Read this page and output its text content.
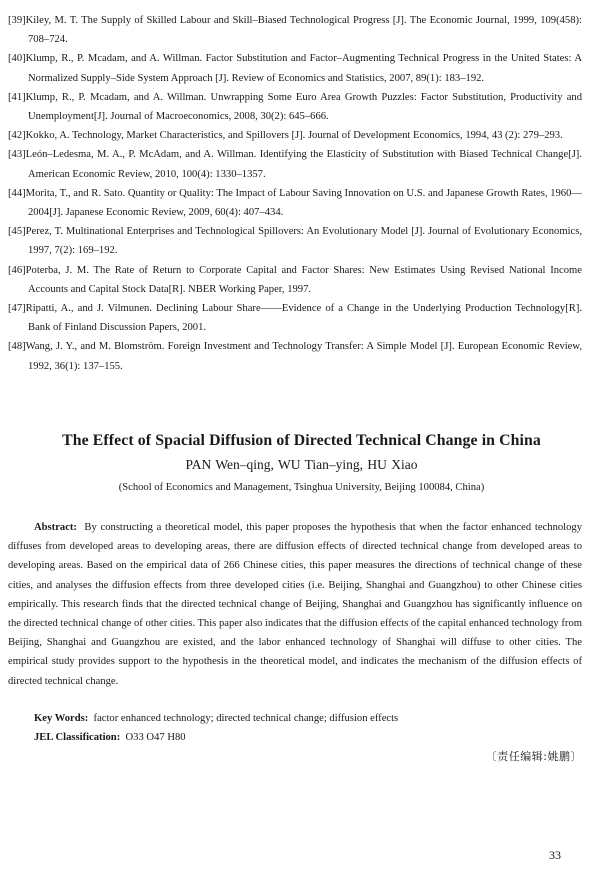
[39]Kiley, M. T. The Supply of Skilled Labour and Skill–Biased Technological Progress [J]. The Economic Journal, 1999, 109(458): 708–724.
[40]Klump, R., P. Mcadam, and A. Willman. Factor Substitution and Factor–Augmenting Technical Progress in the United States: A Normalized Supply–Side System Approach [J]. Review of Economics and Statistics, 2007, 89(1): 183–192.
[41]Klump, R., P. Mcadam, and A. Willman. Unwrapping Some Euro Area Growth Puzzles: Factor Substitution, Productivity and Unemployment[J]. Journal of Macroeconomics, 2008, 30(2): 645–666.
[42]Kokko, A. Technology, Market Characteristics, and Spillovers [J]. Journal of Development Economics, 1994, 43 (2): 279–293.
[43]León–Ledesma, M. A., P. McAdam, and A. Willman. Identifying the Elasticity of Substitution with Biased Technical Change[J]. American Economic Review, 2010, 100(4): 1330–1357.
[44]Morita, T., and R. Sato. Quantity or Quality: The Impact of Labour Saving Innovation on U.S. and Japanese Growth Rates, 1960—2004[J]. Japanese Economic Review, 2009, 60(4): 407–434.
[45]Perez, T. Multinational Enterprises and Technological Spillovers: An Evolutionary Model [J]. Journal of Evolutionary Economics, 1997, 7(2): 169–192.
[46]Poterba, J. M. The Rate of Return to Corporate Capital and Factor Shares: New Estimates Using Revised National Income Accounts and Capital Stock Data[R]. NBER Working Paper, 1997.
[47]Ripatti, A., and J. Vilmunen. Declining Labour Share——Evidence of a Change in the Underlying Production Technology[R]. Bank of Finland Discussion Papers, 2001.
[48]Wang, J. Y., and M. Blomström. Foreign Investment and Technology Transfer: A Simple Model [J]. European Economic Review, 1992, 36(1): 137–155.
The Effect of Spacial Diffusion of Directed Technical Change in China
PAN Wen–qing, WU Tian–ying, HU Xiao
(School of Economics and Management, Tsinghua University, Beijing 100084, China)
Abstract: By constructing a theoretical model, this paper proposes the hypothesis that when the factor enhanced technology diffuses from developed areas to developing areas, there are diffusion effects of directed technical change from developed areas to developing areas. Based on the empirical data of 266 Chinese cities, this paper measures the directions of technical change of these cities, and analyses the diffusion effects from three developed cities (i.e. Beijing, Shanghai and Guangzhou) to other Chinese cities empirically. This research finds that the directed technical change of Beijing, Shanghai and Guangzhou has significantly influence on the directed technical change of other cities. This paper also indicates that the diffusion effects of the capital enhanced technology from Beijing, Shanghai and Guangzhou are existed, and the labor enhanced technology of Shanghai will diffuse to other cities. The empirical study provides support to the hypothesis in the theoretical model, and indicates the mechanism of the diffusion effects of directed technical change.
Key Words: factor enhanced technology; directed technical change; diffusion effects
JEL Classification: O33 O47 H80
〔责任编辑:姚鹏〕
33
